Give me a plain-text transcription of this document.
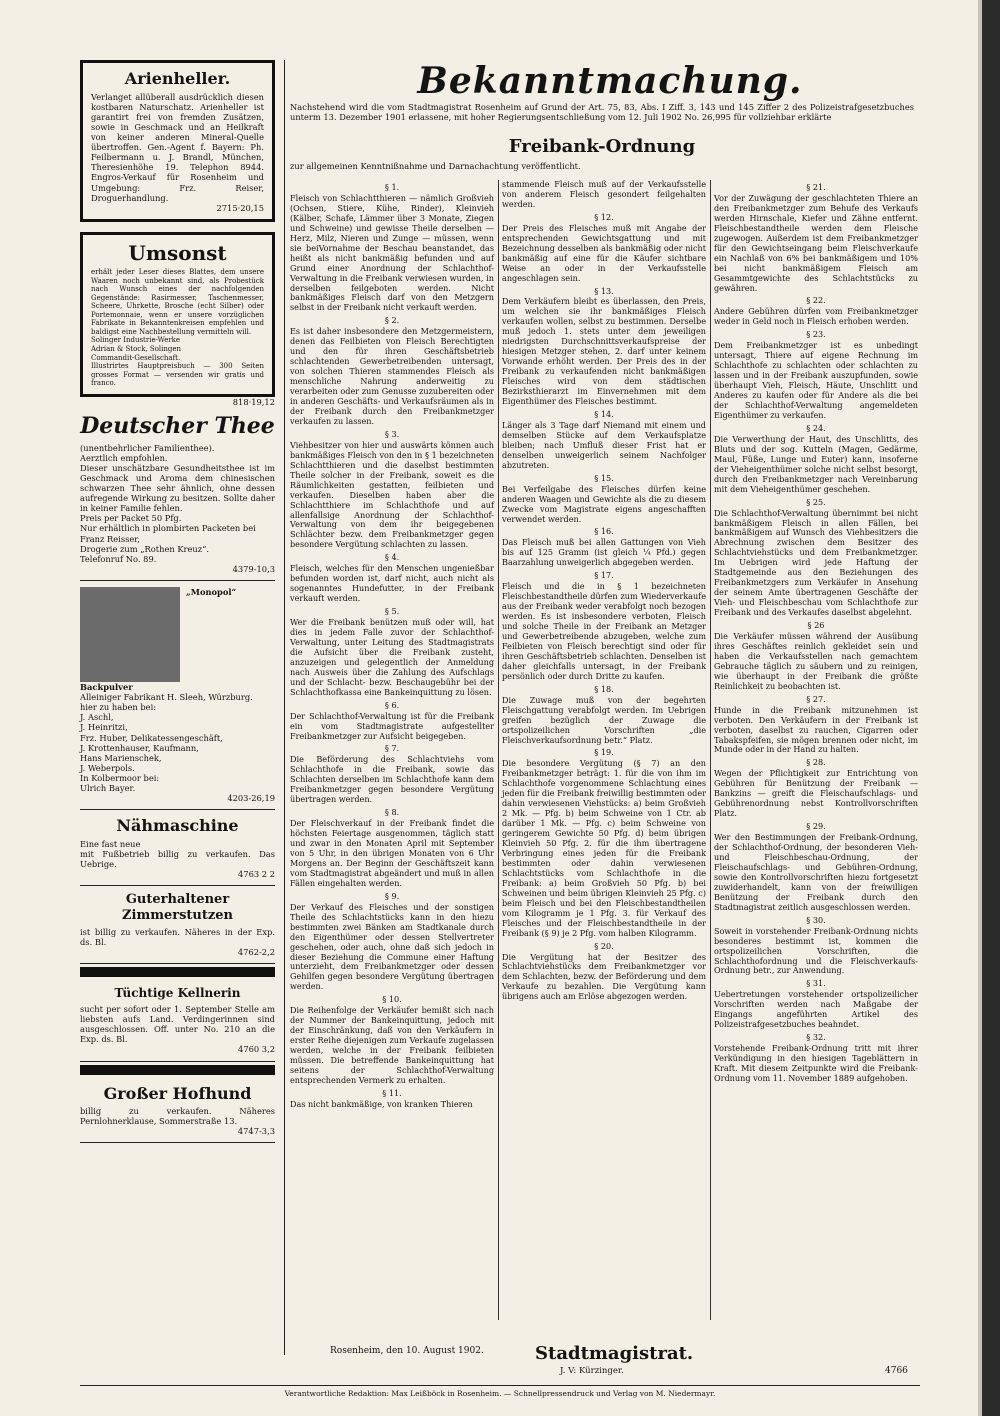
Arienheller.
Verlanget allüberall ausdrücklich diesen kostbaren Naturschatz. Arienheller ist garantirt frei von fremden Zusätzen, sowie in Geschmack und an Heilkraft von keiner anderen Mineral-Quelle übertroffen. Gen.-Agent f. Bayern: Ph. Feilbermann u. J. Brandl, München, Theresienhöhe 19. Telephon 8944. Engros-Verkauf für Rosenheim und Umgebung: Frz. Reiser, Droguerhandlung.
2715·20,15
Umsonst
erhält jeder Leser dieses Blattes, dem unsere Waaren noch unbekannt sind, als Probestück nach Wunsch eines der nachfolgenden Gegenstände: Rasirmesser, Taschenmesser, Scheere, Uhrkette, Brosche (echt Silber) oder Portemonnaie, wenn er unsere vorzüglichen Fabrikate in Bekanntenkreisen empfehlen und baldigst eine Nachbestellung vermitteln will.
Solinger Industrie-Werke
Adrian & Stock, Solingen
Commandit-Gesellschaft.
Illustrirtes Hauptpreisbuch — 300 Seiten grosses Format — versenden wir gratis und franco.
818·19,12
Deutscher Thee
(unentbehrlicher Familienthee).
Aerztlich empfohlen.
Dieser unschätzbare Gesundheitsthee ist im Geschmack und Aroma dem chinesischen schwarzen Thee sehr ähnlich, ohne dessen aufregende Wirkung zu besitzen. Sollte daher in keiner Familie fehlen.
Preis per Packet 50 Pfg.
Nur erhältlich in plombirten Packeten bei
Franz Reisser,
Drogerie zum „Rothen Kreuz“.
Telefonruf No. 89.
4379-10,3
„Monopol“ Backpulver
Alleiniger Fabrikant H. Sleeh, Würzburg.
hier zu haben bei:
J. Aschl,
J. Heinritzi,
Frz. Huber, Delikatessengeschäft,
J. Krottenhauser, Kaufmann,
Hans Marienschek,
J. Weberpols.
In Kolbermoor bei:
Ulrich Bayer.
4203-26,19
Nähmaschine
Eine fast neue
mit Fußbetrieb billig zu verkaufen. Das Uebrige.
4763 2 2
Guterhaltener Zimmerstutzen
ist billig zu verkaufen. Näheres in der Exp. ds. Bl.
4762-2,2
Tüchtige Kellnerin
sucht per sofort oder 1. September Stelle am liebsten aufs Land. Verdingerinnen sind ausgeschlossen. Off. unter No. 210 an die Exp. ds. Bl.
4760 3,2
Großer Hofhund
billig zu verkaufen. Näheres Pernlohnerklause, Sommerstraße 13.
4747-3,3
Bekanntmachung.
Nachstehend wird die vom Stadtmagistrat Rosenheim auf Grund der Art. 75, 83, Abs. I Ziff. 3, 143 und 145 Ziffer 2 des Polizeistrafgesetzbuches unterm 13. Dezember 1901 erlassene, mit hoher Regierungsentschließung vom 12. Juli 1902 No. 26,995 für vollziehbar erklärte
Freibank-Ordnung
zur allgemeinen Kenntnißnahme und Darnachachtung veröffentlicht.
§ 1.
Fleisch von Schlachtthieren — nämlich Großvieh (Ochsen, Stiere, Kühe, Rinder), Kleinvieh (Kälber, Schafe, Lämmer über 3 Monate, Ziegen und Schweine) und gewisse Theile derselben — Herz, Milz, Nieren und Zunge — müssen, wenn sie beiVornahme der Beschau beanstandet, das heißt als nicht bankmäßig befunden und auf Grund einer Anordnung der Schlachthof-Verwaltung in die Freibank verwiesen wurden, in derselben feilgeboten werden. Nicht bankmäßiges Fleisch darf von den Metzgern selbst in der Freibank nicht verkauft werden.
§ 2.
Es ist daher insbesondere den Metzgermeistern, denen das Feilbieten von Fleisch Berechtigten und den für ihren Geschäftsbetrieb schlachtenden Gewerbetreibenden untersagt, von solchen Thieren stammendes Fleisch als menschliche Nahrung anderweitig zu verarbeiten oder zum Genusse zuzubereiten oder in anderen Geschäfts- und Verkaufsräumen als in der Freibank durch den Freibankmetzger verkaufen zu lassen.
§ 3.
Viehbesitzer von hier und auswärts können auch bankmäßiges Fleisch von den in § 1 bezeichneten Schlachtthieren und die daselbst bestimmten Theile solcher in der Freibank, soweit es die Räumlichkeiten gestatten, feilbieten und verkaufen. Dieselben haben aber die Schlachtthiere im Schlachthofe und auf allenfallsige Anordnung der Schlachthof-Verwaltung von dem ihr beigegebenen Schlächter bezw. dem Freibankmetzger gegen besondere Vergütung schlachten zu lassen.
§ 4.
Fleisch, welches für den Menschen ungenießbar befunden worden ist, darf nicht, auch nicht als sogenanntes Hundefutter, in der Freibank verkauft werden.
§ 5.
Wer die Freibank benützen muß oder will, hat dies in jedem Falle zuvor der Schlachthof-Verwaltung, unter Leitung des Stadtmagistrats die Aufsicht über die Freibank zusteht, anzuzeigen und gelegentlich der Anmeldung nach Ausweis über die Zahlung des Aufschlags und der Schlacht- bezw. Beschaugebühr bei der Schlachthofkassa eine Bankeinquittung zu lösen.
§ 6.
Der Schlachthof-Verwaltung ist für die Freibank ein vom Stadtmagistrate aufgestellter Freibankmetzger zur Aufsicht beigegeben.
§ 7.
Die Beförderung des Schlachtviehs vom Schlachthofe in die Freibank, sowie das Schlachten derselben im Schlachthofe kann dem Freibankmetzger gegen besondere Vergütung übertragen werden.
§ 8.
Der Fleischverkauf in der Freibank findet die höchsten Feiertage ausgenommen, täglich statt und zwar in den Monaten April mit September von 5 Uhr, in den übrigen Monaten von 6 Uhr Morgens an. Der Beginn der Geschäftszeit kann vom Stadtmagistrat abgeändert und muß in allen Fällen eingehalten werden.
§ 9.
Der Verkauf des Fleisches und der sonstigen Theile des Schlachtstücks kann in den hiezu bestimmten zwei Bänken am Stadtkanale durch den Eigenthümer oder dessen Stellvertreter geschehen, oder auch, ohne daß sich jedoch in dieser Beziehung die Commune einer Haftung unterzieht, dem Freibankmetzger oder dessen Gehilfen gegen besondere Vergütung übertragen werden.
§ 10.
Die Reihenfolge der Verkäufer bemißt sich nach der Nummer der Bankeinquittung, jedoch mit der Einschränkung, daß von den Verkäufern in erster Reihe diejenigen zum Verkaufe zugelassen werden, welche in der Freibank feilbieten müssen. Die betreffende Bankeinquittung hat seitens der Schlachthof-Verwaltung entsprechenden Vermerk zu erhalten.
§ 11.
Das nicht bankmäßige, von kranken Thieren
stammende Fleisch muß auf der Verkaufsstelle von anderem Fleisch gesondert feilgehalten werden.
§ 12.
Der Preis des Fleisches muß mit Angabe der entsprechenden Gewichtsgattung und mit Bezeichnung desselben als bankmäßig oder nicht bankmäßig auf eine für die Käufer sichtbare Weise an oder in der Verkaufsstelle angeschlagen sein.
§ 13.
Dem Verkäufern bleibt es überlassen, den Preis, um welchen sie ihr bankmäßiges Fleisch verkaufen wollen, selbst zu bestimmen. Derselbe muß jedoch 1. stets unter dem jeweiligen niedrigsten Durchschnittsverkaufspreise der hiesigen Metzger stehen, 2. darf unter keinem Vorwande erhöht werden. Der Preis des in der Freibank zu verkaufenden nicht bankmäßigen Fleisches wird von dem städtischen Bezirksthierarzt im Einvernehmen mit dem Eigenthümer des Fleisches bestimmt.
§ 14.
Länger als 3 Tage darf Niemand mit einem und demselben Stücke auf dem Verkaufsplatze bleiben; nach Umfluß dieser Frist hat er denselben unweigerlich seinem Nachfolger abzutreten.
§ 15.
Bei Verfeilgabe des Fleisches dürfen keine anderen Waagen und Gewichte als die zu diesem Zwecke vom Magistrate eigens angeschafften verwendet werden.
§ 16.
Das Fleisch muß bei allen Gattungen von Vieh bis auf 125 Gramm (ist gleich ¼ Pfd.) gegen Baarzahlung unweigerlich abgegeben werden.
§ 17.
Fleisch und die in § 1 bezeichneten Fleischbestandtheile dürfen zum Wiederverkaufe aus der Freibank weder verabfolgt noch bezogen werden. Es ist insbesondere verboten, Fleisch und solche Theile in der Freibank an Metzger und Gewerbetreibende abzugeben, welche zum Feilbieten von Fleisch berechtigt sind oder für ihren Geschäftsbetrieb schlachten. Denselben ist daher gleichfalls untersagt, in der Freibank persönlich oder durch Dritte zu kaufen.
§ 18.
Die Zuwage muß von der begehrten Fleischgattung verabfolgt werden. Im Uebrigen greifen bezüglich der Zuwage die ortspolizeilichen Vorschriften „die Fleischverkaufsordnung betr.“ Platz.
§ 19.
Die besondere Vergütung (§ 7) an den Freibankmetzger beträgt: 1. für die von ihm im Schlachthofe vorgenommene Schlachtung eines jeden für die Freibank freiwillig bestimmten oder dahin verwiesenen Viehstücks: a) beim Großvieh 2 Mk. — Pfg. b) beim Schweine von 1 Ctr. ab darüber 1 Mk. — Pfg. c) beim Schweine von geringerem Gewichte 50 Pfg. d) beim übrigen Kleinvieh 50 Pfg. 2. für die ihm übertragene Verbringung eines jeden für die Freibank bestimmten oder dahin verwiesenen Schlachtstücks vom Schlachthofe in die Freibank: a) beim Großvieh 50 Pfg. b) bei Schweinen und beim übrigen Kleinvieh 25 Pfg. c) beim Fleisch und bei den Fleischbestandtheilen vom Kilogramm je 1 Pfg. 3. für Verkauf des Fleisches und der Fleischbestandtheile in der Freibank (§ 9) je 2 Pfg. vom halben Kilogramm.
§ 20.
Die Vergütung hat der Besitzer des Schlachtviehstücks dem Freibankmetzger vor dem Schlachten, bezw. der Beförderung und dem Verkaufe zu bezahlen. Die Vergütung kann übrigens auch am Erlöse abgezogen werden.
§ 21.
Vor der Zuwägung der geschlachteten Thiere an den Freibankmetzger zum Behufe des Verkaufs werden Hirnschale, Kiefer und Zähne entfernt. Fleischbestandtheile werden dem Fleische zugewogen. Außerdem ist dem Freibankmetzger für den Gewichtseingang beim Fleischverkaufe ein Nachlaß von 6% bei bankmäßigem und 10% bei nicht bankmäßigem Fleisch am Gesammtgewichte des Schlachtstücks zu gewähren.
§ 22.
Andere Gebühren dürfen vom Freibankmetzger weder in Geld noch in Fleisch erhoben werden.
§ 23.
Dem Freibankmetzger ist es unbedingt untersagt, Thiere auf eigene Rechnung im Schlachthofe zu schlachten oder schlachten zu lassen und in der Freibank auszupfunden, sowie überhaupt Vieh, Fleisch, Häute, Unschlitt und Anderes zu kaufen oder für Andere als die bei der Schlachthof-Verwaltung angemeldeten Eigenthümer zu verkaufen.
§ 24.
Die Verwerthung der Haut, des Unschlitts, des Bluts und der sog. Kutteln (Magen, Gedärme, Maul, Füße, Lunge und Euter) kann, insoferne der Vieheigenthümer solche nicht selbst besorgt, durch den Freibankmetzger nach Vereinbarung mit dem Vieheigenthümer geschehen.
§ 25.
Die Schlachthof-Verwaltung übernimmt bei nicht bankmäßigem Fleisch in allen Fällen, bei bankmäßigem auf Wunsch des Viehbesitzers die Abrechnung zwischen dem Besitzer des Schlachtviehstücks und dem Freibankmetzger. Im Uebrigen wird jede Haftung der Stadtgemeinde aus den Beziehungen des Freibankmetzgers zum Verkäufer in Ansehung der seinem Amte übertragenen Geschäfte der Vieh- und Fleischbeschau vom Schlachthofe zur Freibank und des Verkaufes daselbst abgelehnt.
§ 26
Die Verkäufer müssen während der Ausübung ihres Geschäftes reinlich gekleidet sein und haben die Verkaufsstellen nach gemachtem Gebrauche täglich zu säubern und zu reinigen, wie überhaupt in der Freibank die größte Reinlichkeit zu beobachten ist.
§ 27.
Hunde in die Freibank mitzunehmen ist verboten. Den Verkäufern in der Freibank ist verboten, daselbst zu rauchen, Cigarren oder Tabakspfeifen, sie mögen brennen oder nicht, im Munde oder in der Hand zu halten.
§ 28.
Wegen der Pflichtigkeit zur Entrichtung von Gebühren für Benützung der Freibank — Bankzins — greift die Fleischaufschlags- und Gebührenordnung nebst Kontrollvorschriften Platz.
§ 29.
Wer den Bestimmungen der Freibank-Ordnung, der Schlachthof-Ordnung, der besonderen Vieh- und Fleischbeschau-Ordnung, der Fleischaufschlags- und Gebühren-Ordnung, sowie den Kontrollvorschriften hiezu fortgesetzt zuwiderhandelt, kann von der freiwilligen Benützung der Freibank durch den Stadtmagistrat zeitlich ausgeschlossen werden.
§ 30.
Soweit in vorstehender Freibank-Ordnung nichts besonderes bestimmt ist, kommen die ortspolizeilichen Vorschriften, die Schlachthofordnung und die Fleischverkaufs-Ordnung betr., zur Anwendung.
§ 31.
Uebertretungen vorstehender ortspolizeilicher Vorschriften werden nach Maßgabe der Eingangs angeführten Artikel des Polizeistrafgesetzbuches beahndet.
§ 32.
Vorstehende Freibank-Ordnung tritt mit ihrer Verkündigung in den hiesigen Tageblättern in Kraft. Mit diesem Zeitpunkte wird die Freibank-Ordnung vom 11. November 1889 aufgehoben.
Rosenheim, den 10. August 1902.	Stadtmagistrat.
J. V: Kürzinger.	4766
Verantwortliche Redaktion: Max Leißböck in Rosenheim. — Schnellpressendruck und Verlag von M. Niedermayr.
